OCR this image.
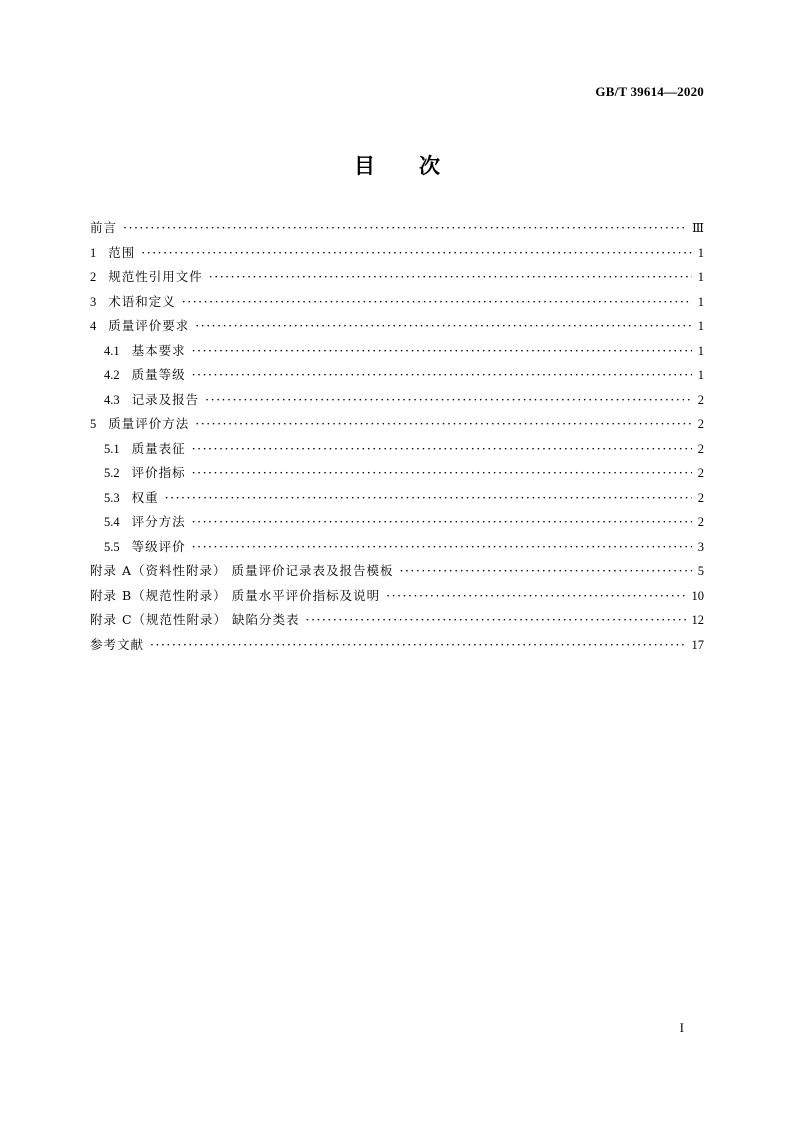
GB/T 39614—2020
目 次
前言 ·····	Ⅲ
1 范围 ·····	1
2 规范性引用文件 ·····	1
3 术语和定义 ·····	1
4 质量评价要求 ·····	1
4.1 基本要求 ·····	1
4.2 质量等级 ·····	1
4.3 记录及报告 ·····	2
5 质量评价方法 ·····	2
5.1 质量表征 ·····	2
5.2 评价指标 ·····	2
5.3 权重 ·····	2
5.4 评分方法 ·····	2
5.5 等级评价 ·····	3
附录 A（资料性附录） 质量评价记录表及报告模板 ·····	5
附录 B（规范性附录） 质量水平评价指标及说明 ·····	10
附录 C（规范性附录） 缺陷分类表 ·····	12
参考文献 ·····	17
I
